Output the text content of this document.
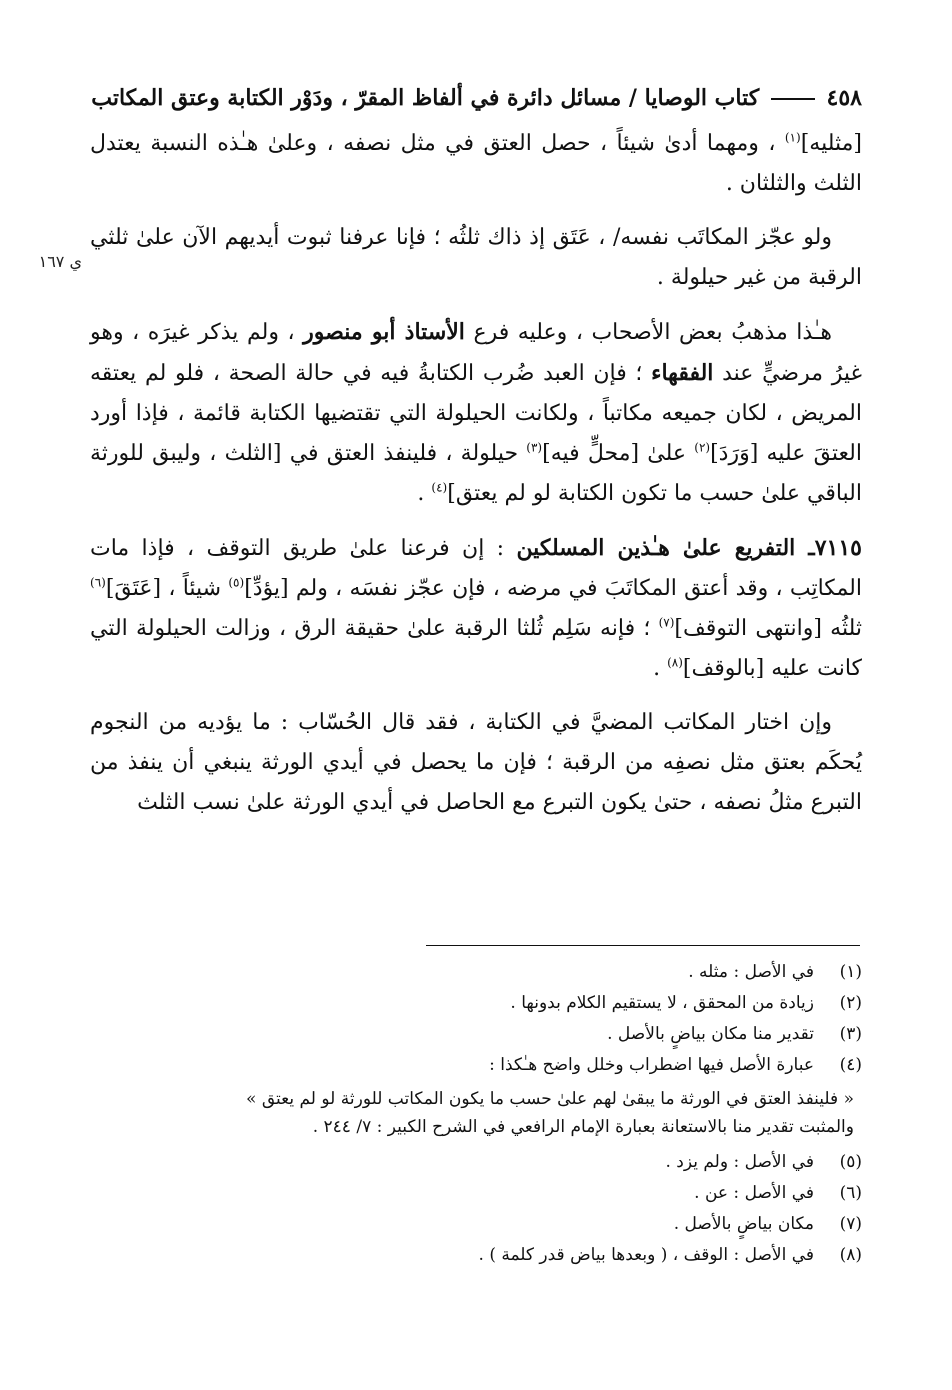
٤٥٨  كتاب الوصايا / مسائل دائرة في ألفاظ المقرّ ، ودَوْر الكتابة وعتق المكاتب
ي ١٦٧

[مثليه]$^{(١)}$ ، ومهما أدىٰ شيئاً ، حصل العتق في مثل نصفه ، وعلىٰ هـٰذه النسبة يعتدل الثلث والثلثان .

ولو عجّز المكاتَب نفسه/ ، عَتَق إذ ذاك ثلثُه ؛ فإنا عرفنا ثبوت أيديهم الآن علىٰ ثلثي الرقبة من غير حيلولة .

هـٰذا مذهبُ بعض الأصحاب ، وعليه فرع الأستاذ أبو منصور ، ولم يذكر غيرَه ، وهو غيرُ مرضيٍّ عند الفقهاء ؛ فإن العبد ضُرب الكتابةُ فيه في حالة الصحة ، فلو لم يعتقه المريض ، لكان جميعه مكاتباً ، ولكانت الحيلولة التي تقتضيها الكتابة قائمة ، فإذا أورد العتقَ عليه [وَرَدَ]$^{(٢)}$ علىٰ [محلٍّ فيه]$^{(٣)}$ حيلولة ، فلينفذ العتق في [الثلث ، وليبق للورثة الباقي علىٰ حسب ما تكون الكتابة لو لم يعتق]$^{(٤)}$ .

٧١١٥ـ التفريع علىٰ هـٰذين المسلكين : إن فرعنا علىٰ طريق التوقف ، فإذا مات المكاتِب ، وقد أعتق المكاتَبَ في مرضه ، فإن عجّز نفسَه ، ولم [يؤدِّ]$^{(٥)}$ شيئاً ، [عَتَقَ]$^{(٦)}$ ثلثُه [وانتهى التوقف]$^{(٧)}$ ؛ فإنه سَلِم ثُلثا الرقبة علىٰ حقيقة الرق ، وزالت الحيلولة التي كانت عليه [بالوقف]$^{(٨)}$ .

وإن اختار المكاتب المضيَّ في الكتابة ، فقد قال الحُسّاب : ما يؤديه من النجوم يُحكَم بعتق مثل نصفِه من الرقبة ؛ فإن ما يحصل في أيدي الورثة ينبغي أن ينفذ من التبرع مثلُ نصفه ، حتىٰ يكون التبرع مع الحاصل في أيدي الورثة علىٰ نسب الثلث

(١)
في الأصل : مثله .
(٢)
زيادة من المحقق ، لا يستقيم الكلام بدونها .
(٣)
تقدير منا مكان بياضٍ بالأصل .
(٤)
عبارة الأصل فيها اضطراب وخلل واضح هـٰكذا :
« فلينفذ العتق في الورثة ما يبقىٰ لهم علىٰ حسب ما يكون المكاتب للورثة لو لم يعتق »
والمثبت تقدير منا بالاستعانة بعبارة الإمام الرافعي في الشرح الكبير : ٧/ ٢٤٤ .
(٥)
في الأصل : ولم يزد .
(٦)
في الأصل : عن .
(٧)
مكان بياضٍ بالأصل .
(٨)
في الأصل : الوقف ، ( وبعدها بياض قدر كلمة ) .
